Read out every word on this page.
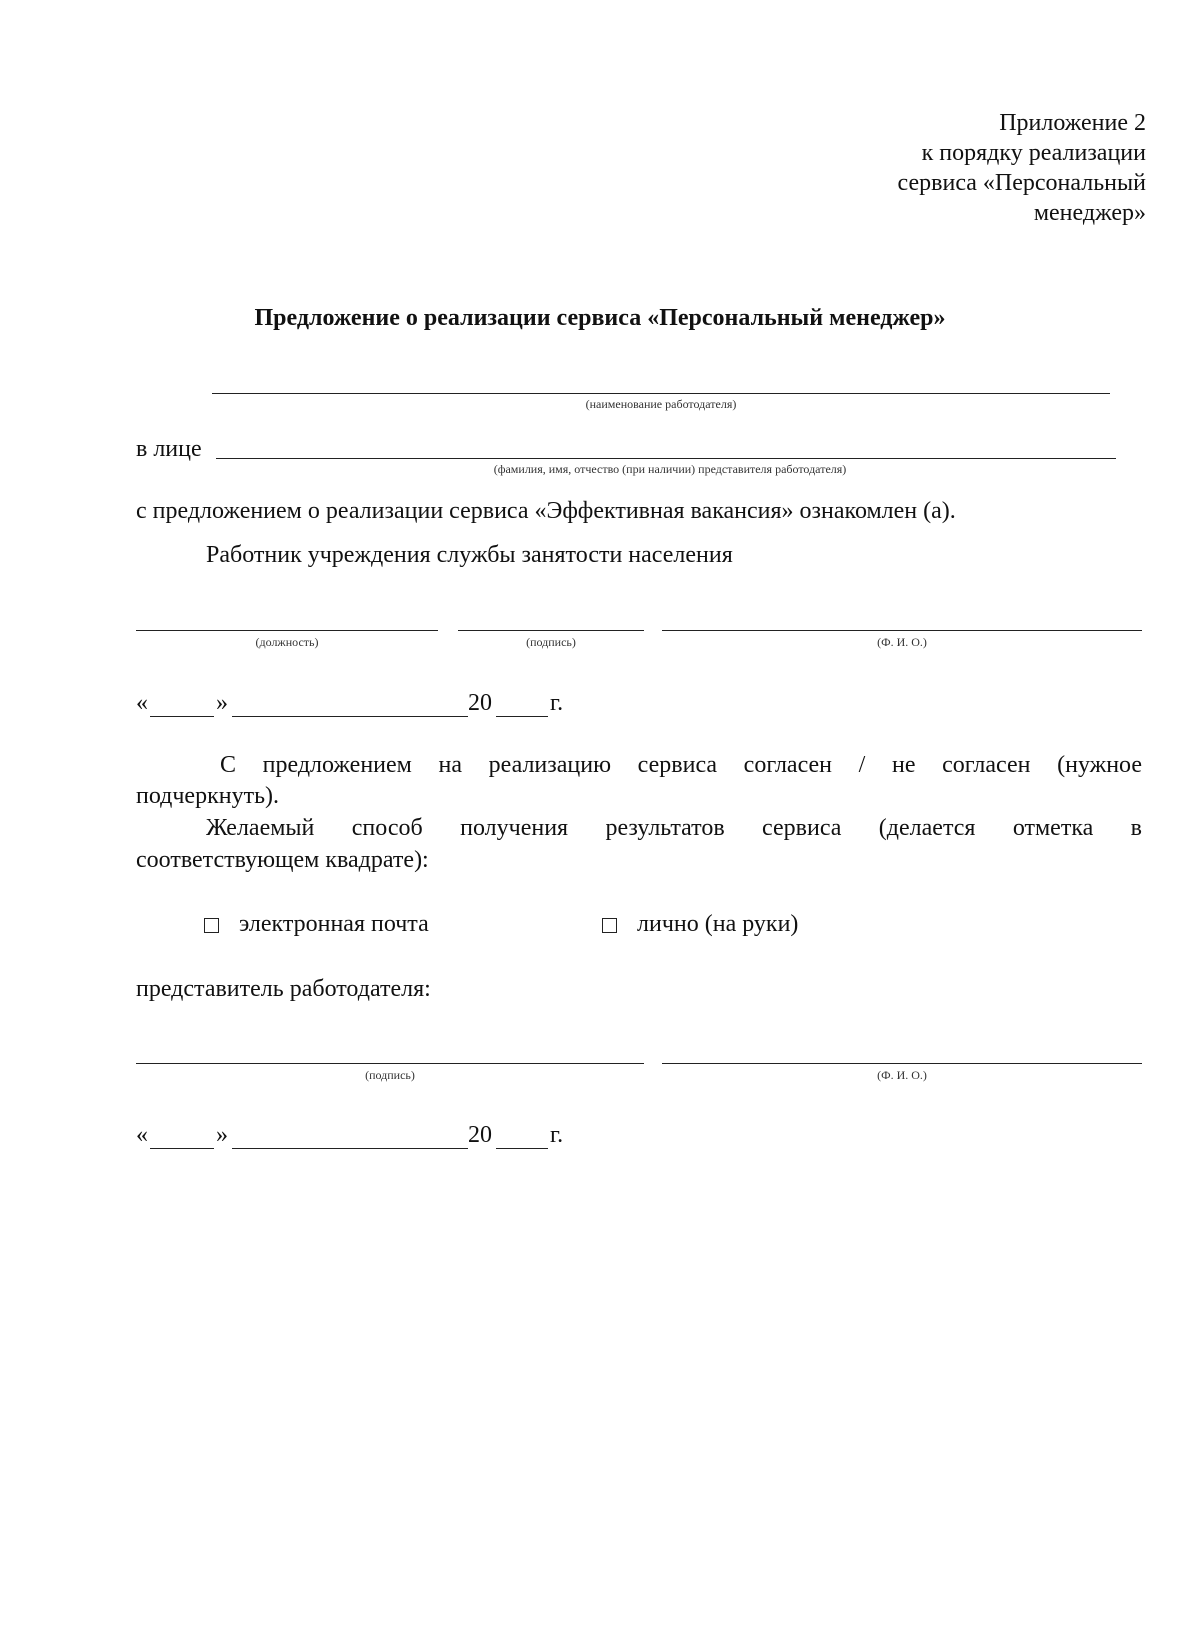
Приложение 2
к порядку реализации
сервиса «Персональный
менеджер»
Предложение о реализации сервиса «Персональный менеджер»
(наименование работодателя)
в лице
(фамилия, имя, отчество (при наличии) представителя работодателя)
с предложением о реализации сервиса «Эффективная вакансия» ознакомлен (а).
Работник учреждения службы занятости населения
(должность)	(подпись)	(Ф. И. О.)
«	»	20 г.
С предложением на реализацию сервиса согласен / не согласен (нужное
подчеркнуть).
Желаемый способ получения результатов сервиса (делается отметка в
соответствующем квадрате):
электронная почта	лично (на руки)
представитель работодателя:
(подпись)	(Ф. И. О.)
«	»	20 г.
